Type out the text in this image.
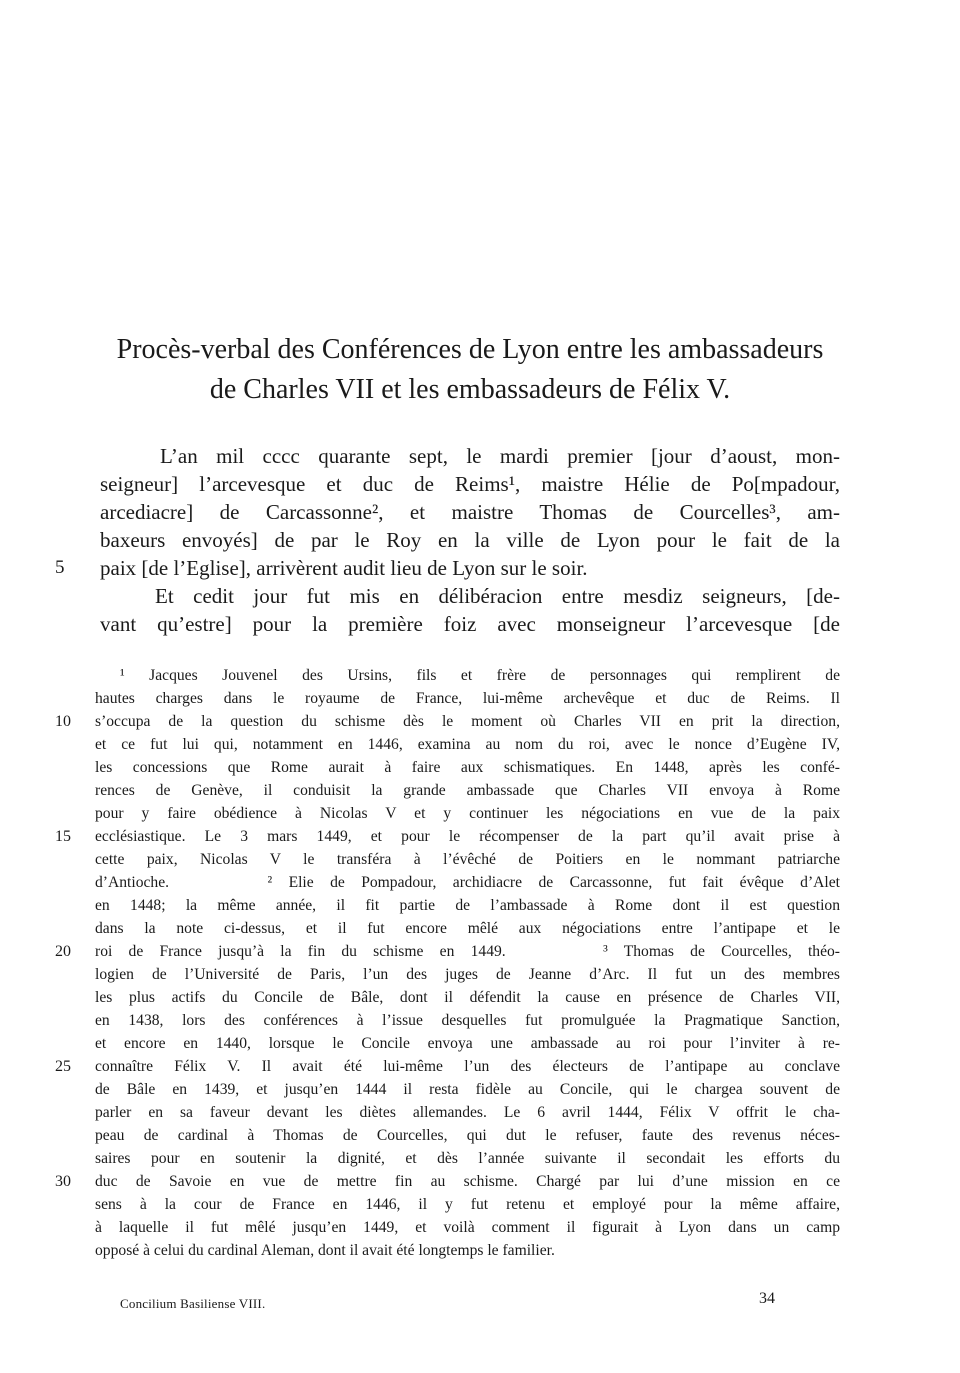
Procès-verbal des Conférences de Lyon entre les ambassadeurs
de Charles VII et les embassadeurs de Félix V.
L’an mil cccc quarante sept, le mardi premier [jour d’aoust, mon-
seigneur] l’arcevesque et duc de Reims¹, maistre Hélie de Po[mpadour,
arcediacre] de Carcassonne², et maistre Thomas de Courcelles³, am-
baxeurs envoyés] de par le Roy en la ville de Lyon pour le fait de la
paix [de l’Eglise], arrivèrent audit lieu de Lyon sur le soir.
Et cedit jour fut mis en délibéracion entre mesdiz seigneurs, [de-
vant qu’estre] pour la première foiz avec monseigneur l’arcevesque [de
5
¹ Jacques Jouvenel des Ursins, fils et frère de personnages qui remplirent de
hautes charges dans le royaume de France, lui-même archevêque et duc de Reims. Il
s’occupa de la question du schisme dès le moment où Charles VII en prit la direction,
et ce fut lui qui, notamment en 1446, examina au nom du roi, avec le nonce d’Eugène IV,
les concessions que Rome aurait à faire aux schismatiques. En 1448, après les confé-
rences de Genève, il conduisit la grande ambassade que Charles VII envoya à Rome
pour y faire obédience à Nicolas V et y continuer les négociations en vue de la paix
ecclésiastique. Le 3 mars 1449, et pour le récompenser de la part qu’il avait prise à
cette paix, Nicolas V le transféra à l’évêché de Poitiers en le nommant patriarche
d’Antioche.      ² Elie de Pompadour, archidiacre de Carcassonne, fut fait évêque d’Alet
en 1448; la même année, il fit partie de l’ambassade à Rome dont il est question
dans la note ci-dessus, et il fut encore mêlé aux négociations entre l’antipape et le
roi de France jusqu’à la fin du schisme en 1449.      ³ Thomas de Courcelles, théo-
logien de l’Université de Paris, l’un des juges de Jeanne d’Arc. Il fut un des membres
les plus actifs du Concile de Bâle, dont il défendit la cause en présence de Charles VII,
en 1438, lors des conférences à l’issue desquelles fut promulguée la Pragmatique Sanction,
et encore en 1440, lorsque le Concile envoya une ambassade au roi pour l’inviter à re-
connaître Félix V. Il avait été lui-même l’un des électeurs de l’antipape au conclave
de Bâle en 1439, et jusqu’en 1444 il resta fidèle au Concile, qui le chargea souvent de
parler en sa faveur devant les diètes allemandes. Le 6 avril 1444, Félix V offrit le cha-
peau de cardinal à Thomas de Courcelles, qui dut le refuser, faute des revenus néces-
saires pour en soutenir la dignité, et dès l’année suivante il secondait les efforts du
duc de Savoie en vue de mettre fin au schisme. Chargé par lui d’une mission en ce
sens à la cour de France en 1446, il y fut retenu et employé pour la même affaire,
à laquelle il fut mêlé jusqu’en 1449, et voilà comment il figurait à Lyon dans un camp
opposé à celui du cardinal Aleman, dont il avait été longtemps le familier.
10
15
20
25
30
Concilium Basiliense VIII.	34
